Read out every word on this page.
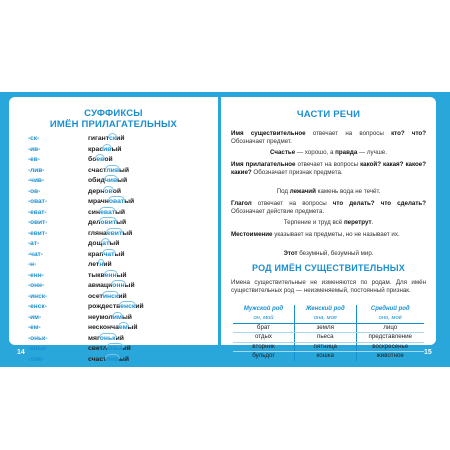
СУФФИКСЫ
ИМЁН ПРИЛАГАТЕЛЬНЫХ
-ск-	гигантский
-ив-	красивый
-ев-	боевой
-лив-	счастливый
-чив-	обидчивый
-ов-	дерновой
-оват-	мрачноватый
-еват-	синеватый
-овит-	деловитый
-евит-	глянаевитый
-ат-	дощатый
-чат-	крапчатый
-н-	летний
-енн-	тыквенный
-онн-	авиационный
-инск-	осетинский
-енск-	рождественский
-им-	неумолимый
-ем-	нескончаемый
-оньк-	мягонький
-еньк-	светленький
-лив-	счастливый
ЧАСТИ РЕЧИ
Имя существительное отвечает на вопросы кто? что? Обозначает предмет.
Счастье — хорошо, а правда — лучше.
Имя прилагательное отвечает на вопросы какой? какая? какое? какие? Обозначает признак предмета.
Под лежачий камень вода не течёт.
Глагол отвечает на вопросы что делать? что сделать? Обозначает действие предмета.
Терпение и труд всё перетрут.
Местоимение указывает на предметы, но не называет их.
Этот безумный, безумный мир.
РОД ИМЁН СУЩЕСТВИТЕЛЬНЫХ
Имена существительные не изменяются по родам. Для имён существительных род — неизменяемый, постоянный признак.
Мужской род	Женский род	Средний род
он, мой	она, моя	оно, моё
брат	земля	лицо
отдых	пьеса	представление
вторник	пятница	воскресенье
бульдог	кошка	животное
14	15
